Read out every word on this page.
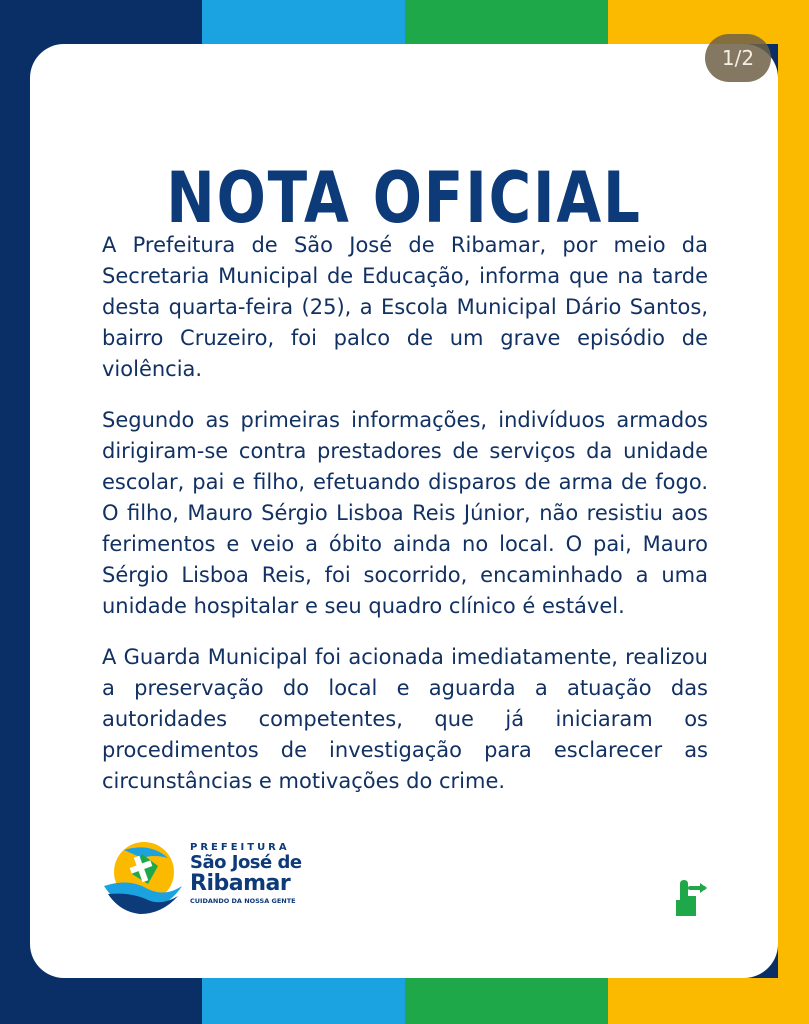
NOTA OFICIAL

A Prefeitura de São José de Ribamar, por meio da Secretaria Municipal de Educação, informa que na tarde desta quarta-feira (25), a Escola Municipal Dário Santos, bairro Cruzeiro, foi palco de um grave episódio de violência.

Segundo as primeiras informações, indivíduos armados dirigiram-se contra prestadores de serviços da unidade escolar, pai e filho, efetuando disparos de arma de fogo. O filho, Mauro Sérgio Lisboa Reis Júnior, não resistiu aos ferimentos e veio a óbito ainda no local. O pai, Mauro Sérgio Lisboa Reis, foi socorrido, encaminhado a uma unidade hospitalar e seu quadro clínico é estável.

A Guarda Municipal foi acionada imediatamente, realizou a preservação do local e aguarda a atuação das autoridades competentes, que já iniciaram os procedimentos de investigação para esclarecer as circunstâncias e motivações do crime.

PREFEITURA
São José de
Ribamar
CUIDANDO DA NOSSA GENTE
1/2
